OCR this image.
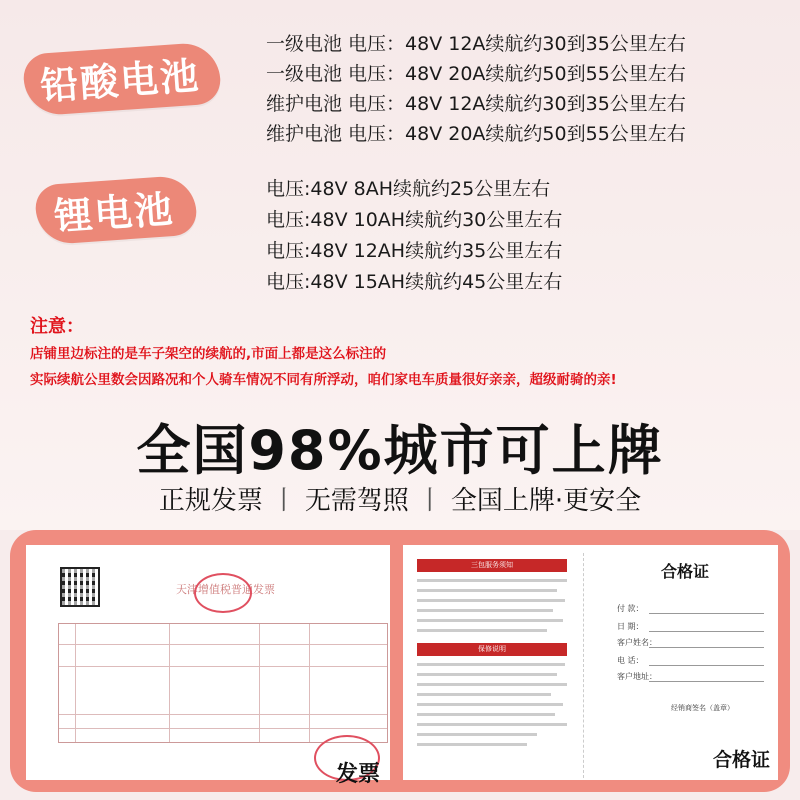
铅酸电池
一级电池 电压：48V 12A续航约30到35公里左右
一级电池 电压：48V 20A续航约50到55公里左右
维护电池 电压：48V 12A续航约30到35公里左右
维护电池 电压：48V 20A续航约50到55公里左右
锂电池	电压:48V 8AH续航约25公里左右
电压:48V 10AH续航约30公里左右
电压:48V 12AH续航约35公里左右
电压:48V 15AH续航约45公里左右
注意：
店铺里边标注的是车子架空的续航的,市面上都是这么标注的
实际续航公里数会因路况和个人骑车情况不同有所浮动，咱们家电车质量很好亲亲，超级耐骑的亲!
全国98%城市可上牌
正规发票 丨 无需驾照 丨 全国上牌·更安全
天津增值税普通发票
发票
三包服务须知
保修说明
合格证
付 款：
日 期：
客户姓名：
电 话：
客户地址：
经销商签名（盖章）
合格证
